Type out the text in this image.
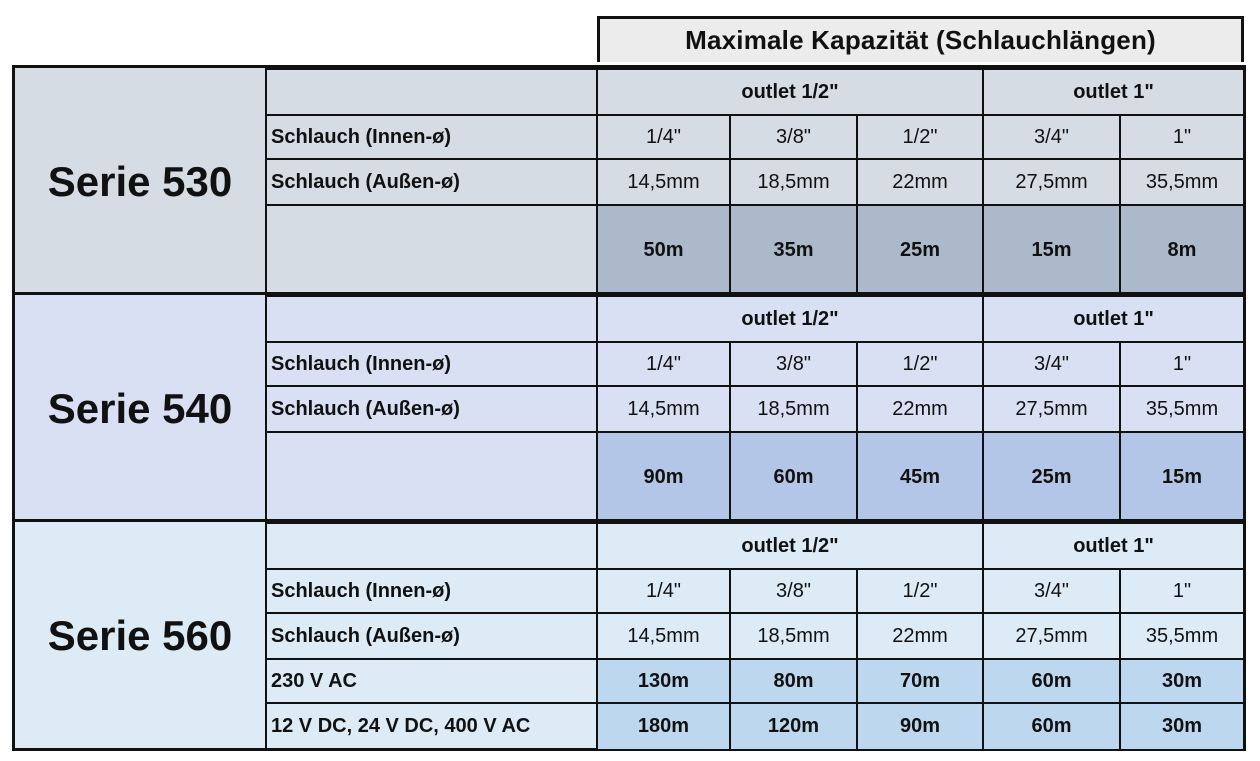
Maximale Kapazität (Schlauchlängen)
Serie 530		outlet 1/2"			outlet 1"	
	Schlauch (Innen-ø)	1/4"	3/8"	1/2"	3/4"	1"
	Schlauch (Außen-ø)	14,5mm	18,5mm	22mm	27,5mm	35,5mm
		50m	35m	25m	15m	8m
Serie 540		outlet 1/2"			outlet 1"	
	Schlauch (Innen-ø)	1/4"	3/8"	1/2"	3/4"	1"
	Schlauch (Außen-ø)	14,5mm	18,5mm	22mm	27,5mm	35,5mm
		90m	60m	45m	25m	15m
Serie 560		outlet 1/2"			outlet 1"	
	Schlauch (Innen-ø)	1/4"	3/8"	1/2"	3/4"	1"
	Schlauch (Außen-ø)	14,5mm	18,5mm	22mm	27,5mm	35,5mm
	230 V AC	130m	80m	70m	60m	30m
	12 V DC, 24 V DC, 400 V AC	180m	120m	90m	60m	30m
